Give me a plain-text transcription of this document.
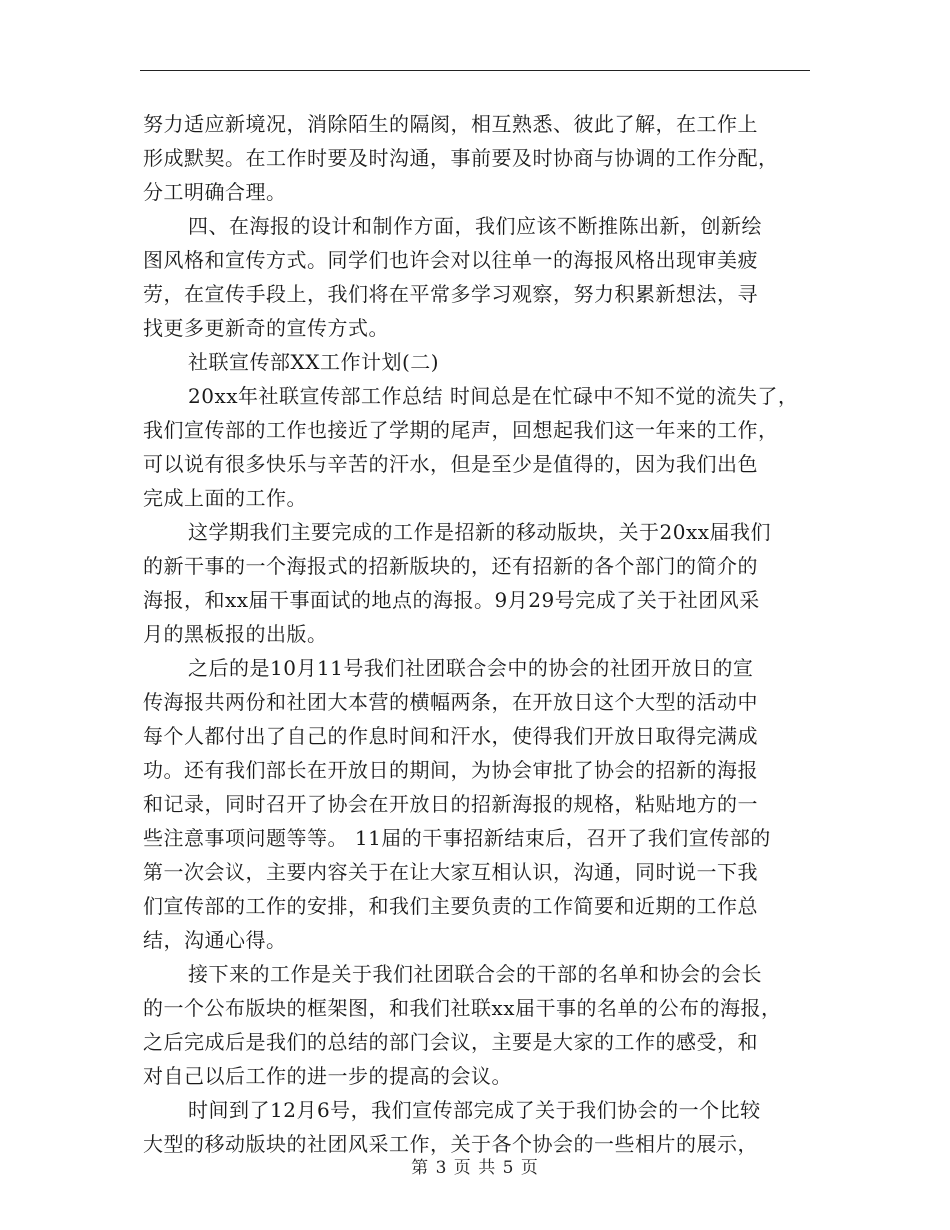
努力适应新境况，消除陌生的隔阂，相互熟悉、彼此了解，在工作上
形成默契。在工作时要及时沟通，事前要及时协商与协调的工作分配，
分工明确合理。
四、在海报的设计和制作方面，我们应该不断推陈出新，创新绘
图风格和宣传方式。同学们也许会对以往单一的海报风格出现审美疲
劳，在宣传手段上，我们将在平常多学习观察，努力积累新想法，寻
找更多更新奇的宣传方式。
社联宣传部XX工作计划(二)
20xx年社联宣传部工作总结 时间总是在忙碌中不知不觉的流失了，
我们宣传部的工作也接近了学期的尾声，回想起我们这一年来的工作，
可以说有很多快乐与辛苦的汗水，但是至少是值得的，因为我们出色
完成上面的工作。
这学期我们主要完成的工作是招新的移动版块，关于20xx届我们
的新干事的一个海报式的招新版块的，还有招新的各个部门的简介的
海报，和xx届干事面试的地点的海报。9月29号完成了关于社团风采
月的黑板报的出版。
之后的是10月11号我们社团联合会中的协会的社团开放日的宣
传海报共两份和社团大本营的横幅两条，在开放日这个大型的活动中
每个人都付出了自己的作息时间和汗水，使得我们开放日取得完满成
功。还有我们部长在开放日的期间，为协会审批了协会的招新的海报
和记录，同时召开了协会在开放日的招新海报的规格，粘贴地方的一
些注意事项问题等等。 11届的干事招新结束后，召开了我们宣传部的
第一次会议，主要内容关于在让大家互相认识，沟通，同时说一下我
们宣传部的工作的安排，和我们主要负责的工作简要和近期的工作总
结，沟通心得。
接下来的工作是关于我们社团联合会的干部的名单和协会的会长
的一个公布版块的框架图，和我们社联xx届干事的名单的公布的海报，
之后完成后是我们的总结的部门会议，主要是大家的工作的感受，和
对自己以后工作的进一步的提高的会议。
时间到了12月6号，我们宣传部完成了关于我们协会的一个比较
大型的移动版块的社团风采工作，关于各个协会的一些相片的展示，
第 3 页 共 5 页
